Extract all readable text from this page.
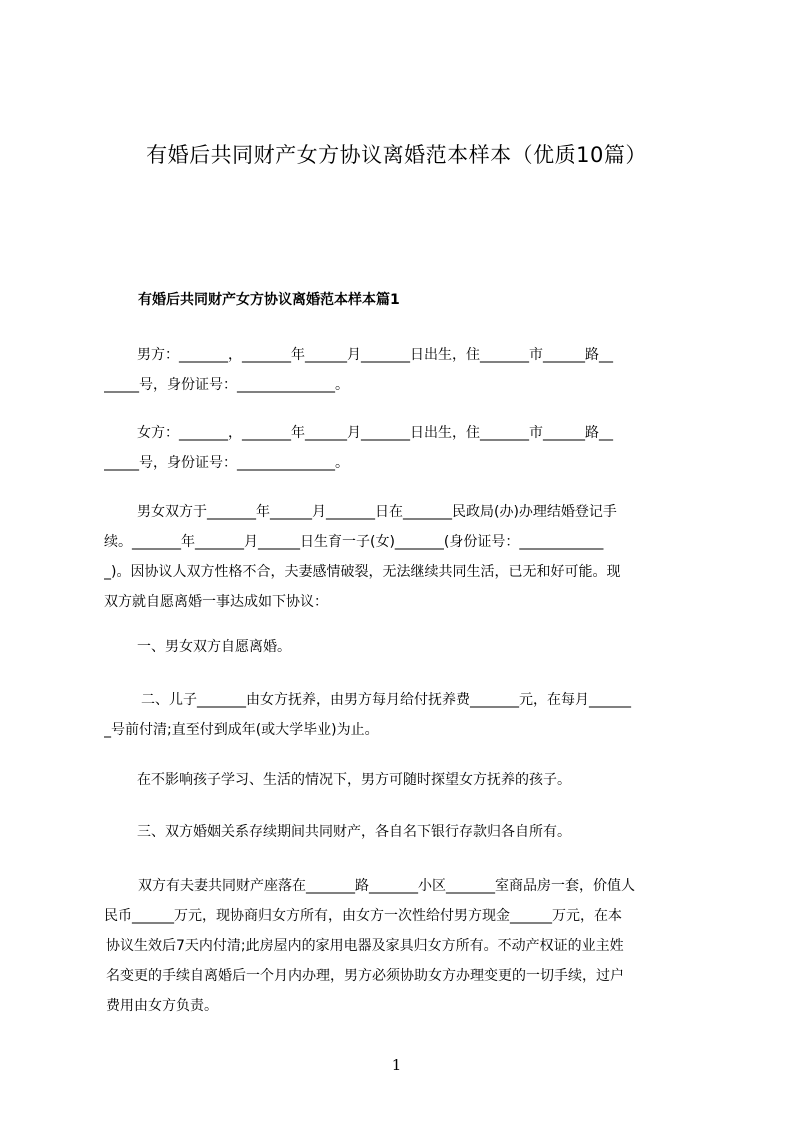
有婚后共同财产女方协议离婚范本样本（优质10篇）
有婚后共同财产女方协议离婚范本样本篇1
男方：_______，_______年______月_______日出生，住_______市______路__
_____号，身份证号：______________。
女方：_______，_______年______月_______日出生，住_______市______路__
_____号，身份证号：______________。
男女双方于_______年______月_______日在_______民政局(办)办理结婚登记手
续。_______年_______月______日生育一子(女)_______(身份证号：____________
_)。因协议人双方性格不合，夫妻感情破裂，无法继续共同生活，已无和好可能。现
双方就自愿离婚一事达成如下协议：
一、男女双方自愿离婚。
二、儿子_______由女方抚养，由男方每月给付抚养费_______元，在每月______
_号前付清;直至付到成年(或大学毕业)为止。
在不影响孩子学习、生活的情况下，男方可随时探望女方抚养的孩子。
三、双方婚姻关系存续期间共同财产，各自名下银行存款归各自所有。
双方有夫妻共同财产座落在_______路_______小区_______室商品房一套，价值人
民币______万元，现协商归女方所有，由女方一次性给付男方现金______万元，在本
协议生效后7天内付清;此房屋内的家用电器及家具归女方所有。不动产权证的业主姓
名变更的手续自离婚后一个月内办理，男方必须协助女方办理变更的一切手续，过户
费用由女方负责。
1
